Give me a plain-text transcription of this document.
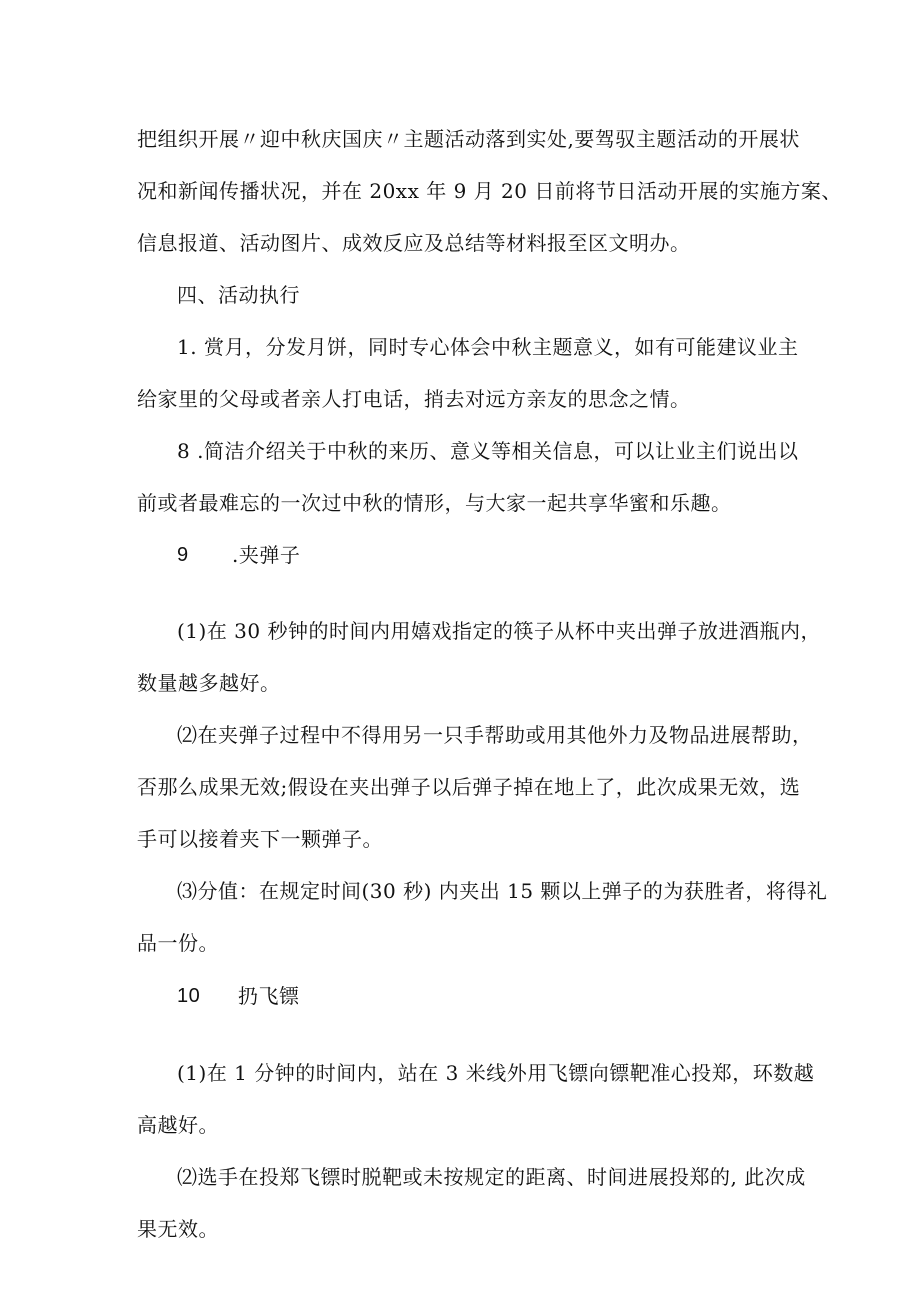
把组织开展〃迎中秋庆国庆〃主题活动落到实处,要驾驭主题活动的开展状
况和新闻传播状况，并在 20xx 年 9 月 20 日前将节日活动开展的实施方案、
信息报道、活动图片、成效反应及总结等材料报至区文明办。
四、活动执行
1. 赏月，分发月饼，同时专心体会中秋主题意义，如有可能建议业主
给家里的父母或者亲人打电话，捎去对远方亲友的思念之情。
8 .简洁介绍关于中秋的来历、意义等相关信息，可以让业主们说出以
前或者最难忘的一次过中秋的情形，与大家一起共享华蜜和乐趣。
9 .夹弹子
(1)在 30 秒钟的时间内用嬉戏指定的筷子从杯中夹出弹子放进酒瓶内，
数量越多越好。
⑵在夹弹子过程中不得用另一只手帮助或用其他外力及物品进展帮助，
否那么成果无效;假设在夹出弹子以后弹子掉在地上了，此次成果无效，选
手可以接着夹下一颗弹子。
⑶分值：在规定时间(30 秒) 内夹出 15 颗以上弹子的为获胜者，将得礼
品一份。
10 扔飞镖
(1)在 1 分钟的时间内，站在 3 米线外用飞镖向镖靶准心投郑，环数越
高越好。
⑵选手在投郑飞镖时脱靶或未按规定的距离、时间进展投郑的, 此次成
果无效。
